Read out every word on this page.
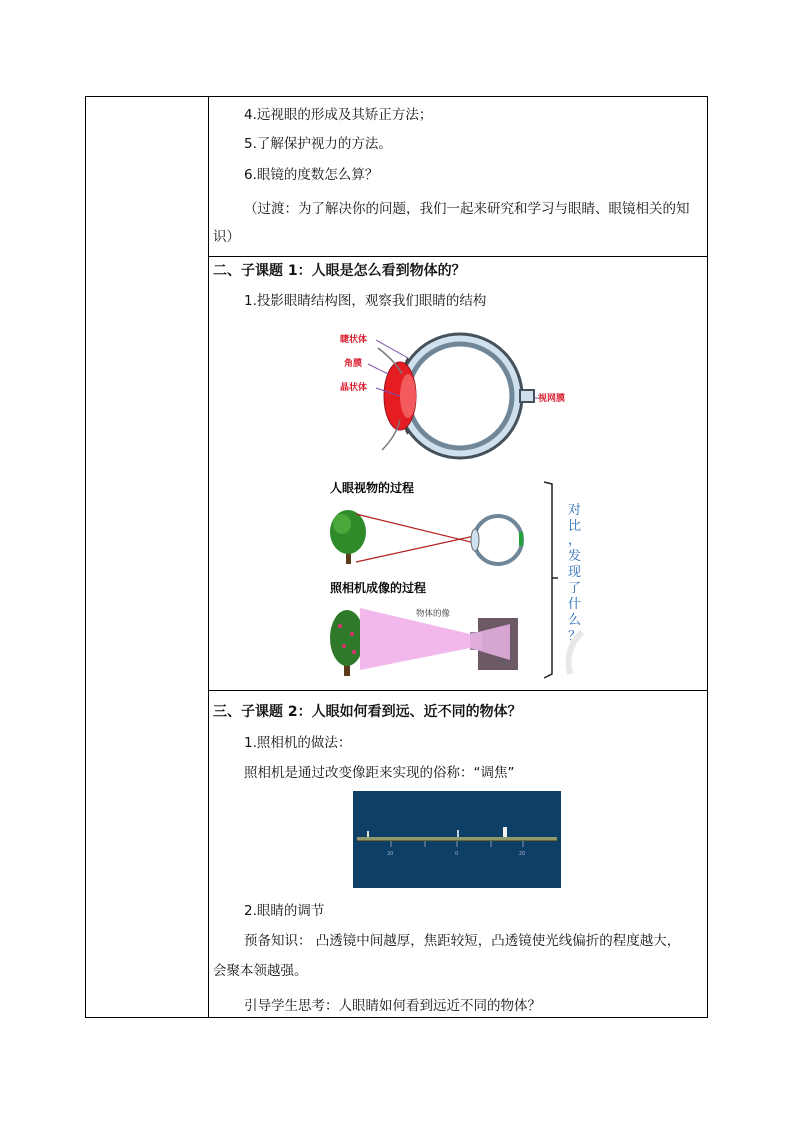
4.远视眼的形成及其矫正方法；
5.了解保护视力的方法。
6.眼镜的度数怎么算？
（过渡：为了解决你的问题，我们一起来研究和学习与眼睛、眼镜相关的知
识）
二、子课题 1：人眼是怎么看到物体的？
1.投影眼睛结构图，观察我们眼睛的结构
睫状体
角膜
晶状体
视网膜
人眼视物的过程
照相机成像的过程
物体的像
对
比
，
发
现
了
什
么
？
三、子课题 2：人眼如何看到远、近不同的物体？
1.照相机的做法：
照相机是通过改变像距来实现的俗称：“调焦”
20	0	20
2.眼睛的调节
预备知识： 凸透镜中间越厚，焦距较短，凸透镜使光线偏折的程度越大，
会聚本领越强。
引导学生思考：人眼睛如何看到远近不同的物体？
